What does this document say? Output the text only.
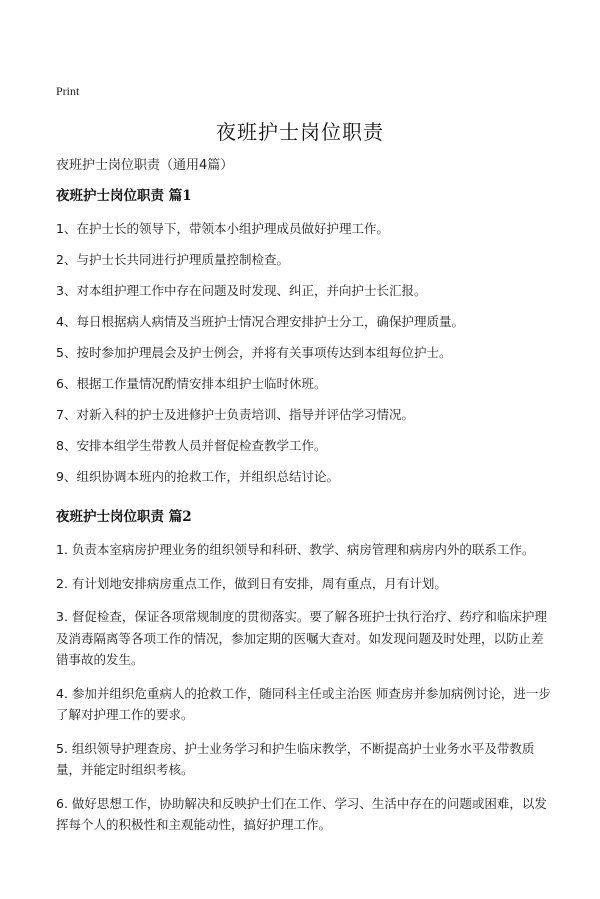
Print
夜班护士岗位职责
夜班护士岗位职责（通用4篇）
夜班护士岗位职责 篇1
1、在护士长的领导下，带领本小组护理成员做好护理工作。
2、与护士长共同进行护理质量控制检查。
3、对本组护理工作中存在问题及时发现、纠正，并向护士长汇报。
4、每日根据病人病情及当班护士情况合理安排护士分工，确保护理质量。
5、按时参加护理晨会及护士例会，并将有关事项传达到本组每位护士。
6、根据工作量情况酌情安排本组护士临时休班。
7、对新入科的护士及进修护士负责培训、指导并评估学习情况。
8、安排本组学生带教人员并督促检查教学工作。
9、组织协调本班内的抢救工作，并组织总结讨论。
夜班护士岗位职责 篇2
1. 负责本室病房护理业务的组织领导和科研、教学、病房管理和病房内外的联系工作。
2. 有计划地安排病房重点工作，做到日有安排，周有重点，月有计划。
3. 督促检查，保证各项常规制度的贯彻落实。要了解各班护士执行治疗、药疗和临床护理及消毒隔离等各项工作的情况，参加定期的医嘱大查对。如发现问题及时处理，以防止差错事故的发生。
4. 参加并组织危重病人的抢救工作，随同科主任或主治医 师查房并参加病例讨论，进一步了解对护理工作的要求。
5. 组织领导护理查房、护士业务学习和护生临床教学，不断提高护士业务水平及带教质量，并能定时组织考核。
6. 做好思想工作，协助解决和反映护士们在工作、学习、生活中存在的问题或困难，以发挥每个人的积极性和主观能动性，搞好护理工作。
